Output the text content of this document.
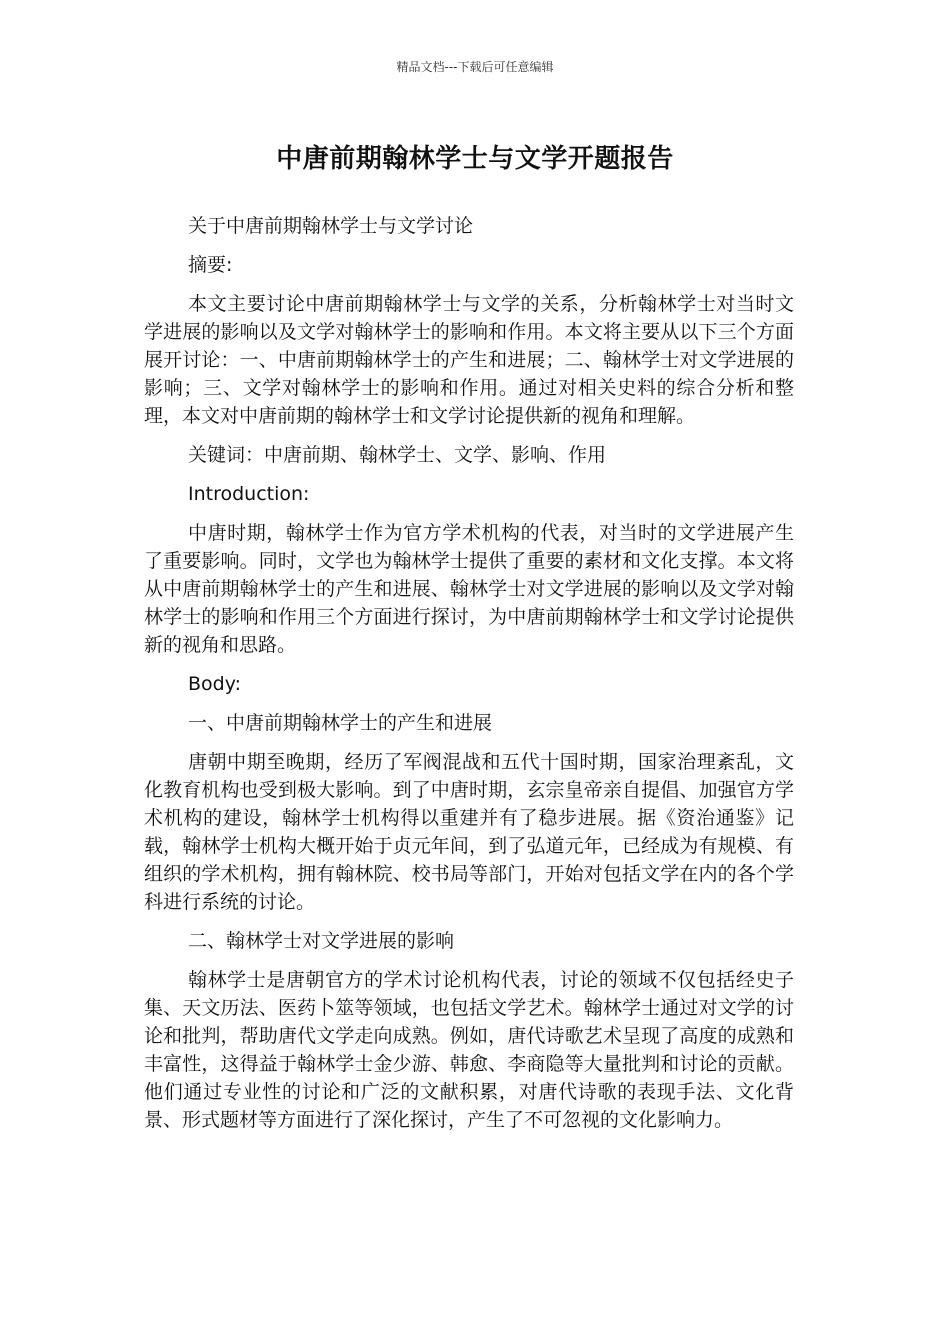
精品文档---下载后可任意编辑
中唐前期翰林学士与文学开题报告

关于中唐前期翰林学士与文学讨论

摘要:

本文主要讨论中唐前期翰林学士与文学的关系，分析翰林学士对当时文学进展的影响以及文学对翰林学士的影响和作用。本文将主要从以下三个方面展开讨论：一、中唐前期翰林学士的产生和进展；二、翰林学士对文学进展的影响；三、文学对翰林学士的影响和作用。通过对相关史料的综合分析和整理，本文对中唐前期的翰林学士和文学讨论提供新的视角和理解。

关键词：中唐前期、翰林学士、文学、影响、作用

Introduction:

中唐时期，翰林学士作为官方学术机构的代表，对当时的文学进展产生了重要影响。同时，文学也为翰林学士提供了重要的素材和文化支撑。本文将从中唐前期翰林学士的产生和进展、翰林学士对文学进展的影响以及文学对翰林学士的影响和作用三个方面进行探讨，为中唐前期翰林学士和文学讨论提供新的视角和思路。

Body:

一、中唐前期翰林学士的产生和进展

唐朝中期至晚期，经历了军阀混战和五代十国时期，国家治理紊乱，文化教育机构也受到极大影响。到了中唐时期，玄宗皇帝亲自提倡、加强官方学术机构的建设，翰林学士机构得以重建并有了稳步进展。据《资治通鉴》记载，翰林学士机构大概开始于贞元年间，到了弘道元年，已经成为有规模、有组织的学术机构，拥有翰林院、校书局等部门，开始对包括文学在内的各个学科进行系统的讨论。

二、翰林学士对文学进展的影响

翰林学士是唐朝官方的学术讨论机构代表，讨论的领域不仅包括经史子集、天文历法、医药卜筮等领域，也包括文学艺术。翰林学士通过对文学的讨论和批判，帮助唐代文学走向成熟。例如，唐代诗歌艺术呈现了高度的成熟和丰富性，这得益于翰林学士金少游、韩愈、李商隐等大量批判和讨论的贡献。他们通过专业性的讨论和广泛的文献积累，对唐代诗歌的表现手法、文化背景、形式题材等方面进行了深化探讨，产生了不可忽视的文化影响力。
